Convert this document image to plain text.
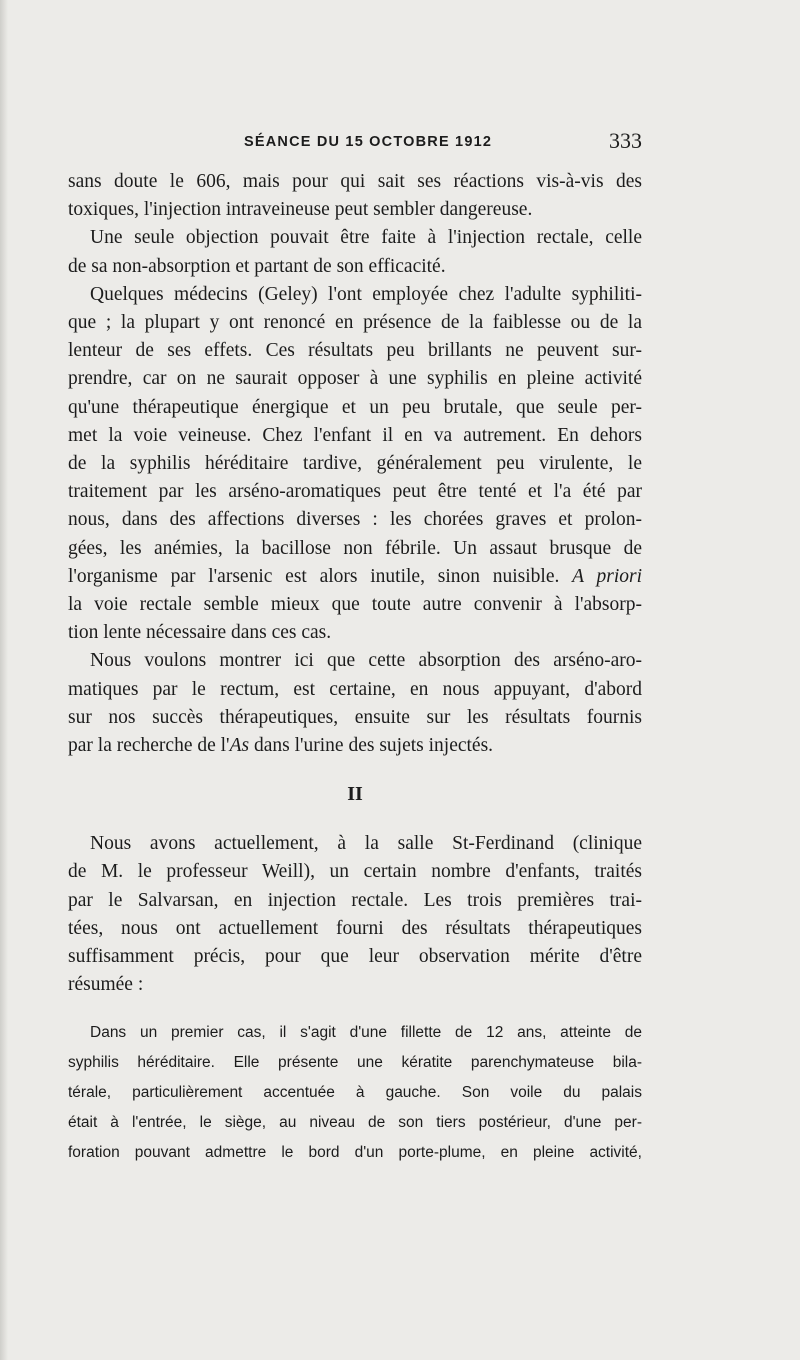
SÉANCE DU 15 OCTOBRE 1912	333
sans doute le 606, mais pour qui sait ses réactions vis-à-vis des
toxiques, l'injection intraveineuse peut sembler dangereuse.
Une seule objection pouvait être faite à l'injection rectale, celle
de sa non-absorption et partant de son efficacité.
Quelques médecins (Geley) l'ont employée chez l'adulte syphiliti-
que ; la plupart y ont renoncé en présence de la faiblesse ou de la
lenteur de ses effets. Ces résultats peu brillants ne peuvent sur-
prendre, car on ne saurait opposer à une syphilis en pleine activité
qu'une thérapeutique énergique et un peu brutale, que seule per-
met la voie veineuse. Chez l'enfant il en va autrement. En dehors
de la syphilis héréditaire tardive, généralement peu virulente, le
traitement par les arséno-aromatiques peut être tenté et l'a été par
nous, dans des affections diverses : les chorées graves et prolon-
gées, les anémies, la bacillose non fébrile. Un assaut brusque de
l'organisme par l'arsenic est alors inutile, sinon nuisible. A priori
la voie rectale semble mieux que toute autre convenir à l'absorp-
tion lente nécessaire dans ces cas.
Nous voulons montrer ici que cette absorption des arséno-aro-
matiques par le rectum, est certaine, en nous appuyant, d'abord
sur nos succès thérapeutiques, ensuite sur les résultats fournis
par la recherche de l'As dans l'urine des sujets injectés.
II
Nous avons actuellement, à la salle St-Ferdinand (clinique
de M. le professeur Weill), un certain nombre d'enfants, traités
par le Salvarsan, en injection rectale. Les trois premières trai-
tées, nous ont actuellement fourni des résultats thérapeutiques
suffisamment précis, pour que leur observation mérite d'être
résumée :
Dans un premier cas, il s'agit d'une fillette de 12 ans, atteinte de
syphilis héréditaire. Elle présente une kératite parenchymateuse bila-
térale, particulièrement accentuée à gauche. Son voile du palais
était à l'entrée, le siège, au niveau de son tiers postérieur, d'une per-
foration pouvant admettre le bord d'un porte-plume, en pleine activité,
